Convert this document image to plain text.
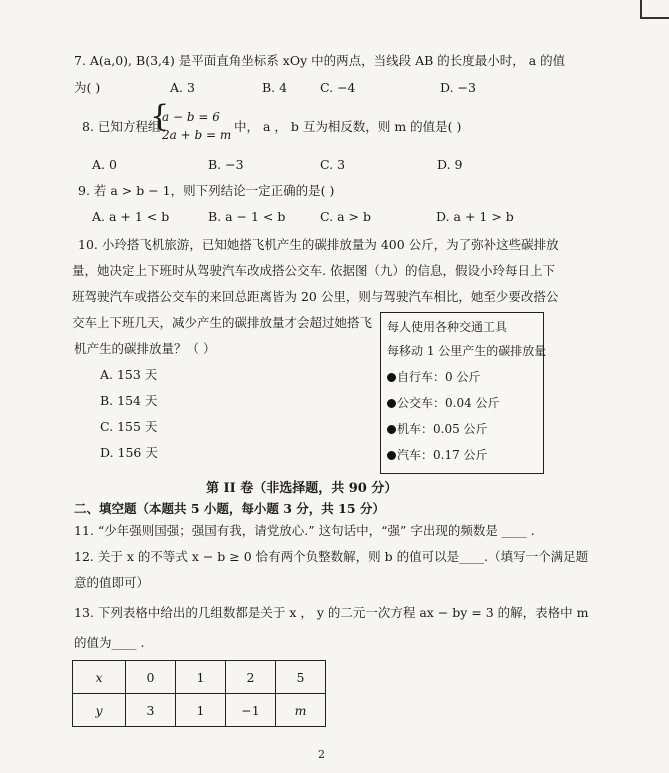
7. A(a,0), B(3,4) 是平面直角坐标系 xOy 中的两点，当线段 AB 的长度最小时， a 的值
为( )	A. 3	B. 4	C. −4	D. −3
8. 已知方程组
{
a − b = 6
2a + b = m
中， a ， b 互为相反数，则 m 的值是( )
A. 0	B. −3	C. 3	D. 9
9. 若 a > b − 1，则下列结论一定正确的是( )
A. a + 1 < b	B. a − 1 < b	C. a > b	D. a + 1 > b
10. 小玲搭飞机旅游，已知她搭飞机产生的碳排放量为 400 公斤，为了弥补这些碳排放
量，她决定上下班时从驾驶汽车改成搭公交车. 依据图（九）的信息，假设小玲每日上下
班驾驶汽车或搭公交车的来回总距离皆为 20 公里，则与驾驶汽车相比，她至少要改搭公
交车上下班几天，减少产生的碳排放量才会超过她搭飞
机产生的碳排放量？（ ）
A. 153 天
B. 154 天
C. 155 天
D. 156 天
每人使用各种交通工具
每移动 1 公里产生的碳排放量
自行车：0 公斤
公交车：0.04 公斤
机车：0.05 公斤
汽车：0.17 公斤
第 II 卷（非选择题，共 90 分）
二、填空题（本题共 5 小题，每小题 3 分，共 15 分）
11. “少年强则国强；强国有我，请党放心.” 这句话中，“强” 字出现的频数是 ____ .
12. 关于 x 的不等式 x − b ≥ 0 恰有两个负整数解，则 b 的值可以是____.（填写一个满足题
意的值即可）
13. 下列表格中给出的几组数都是关于 x ， y 的二元一次方程 ax − by = 3 的解，表格中 m
的值为____ .
x	0	1	2	5
y	3	1	−1	m
2
